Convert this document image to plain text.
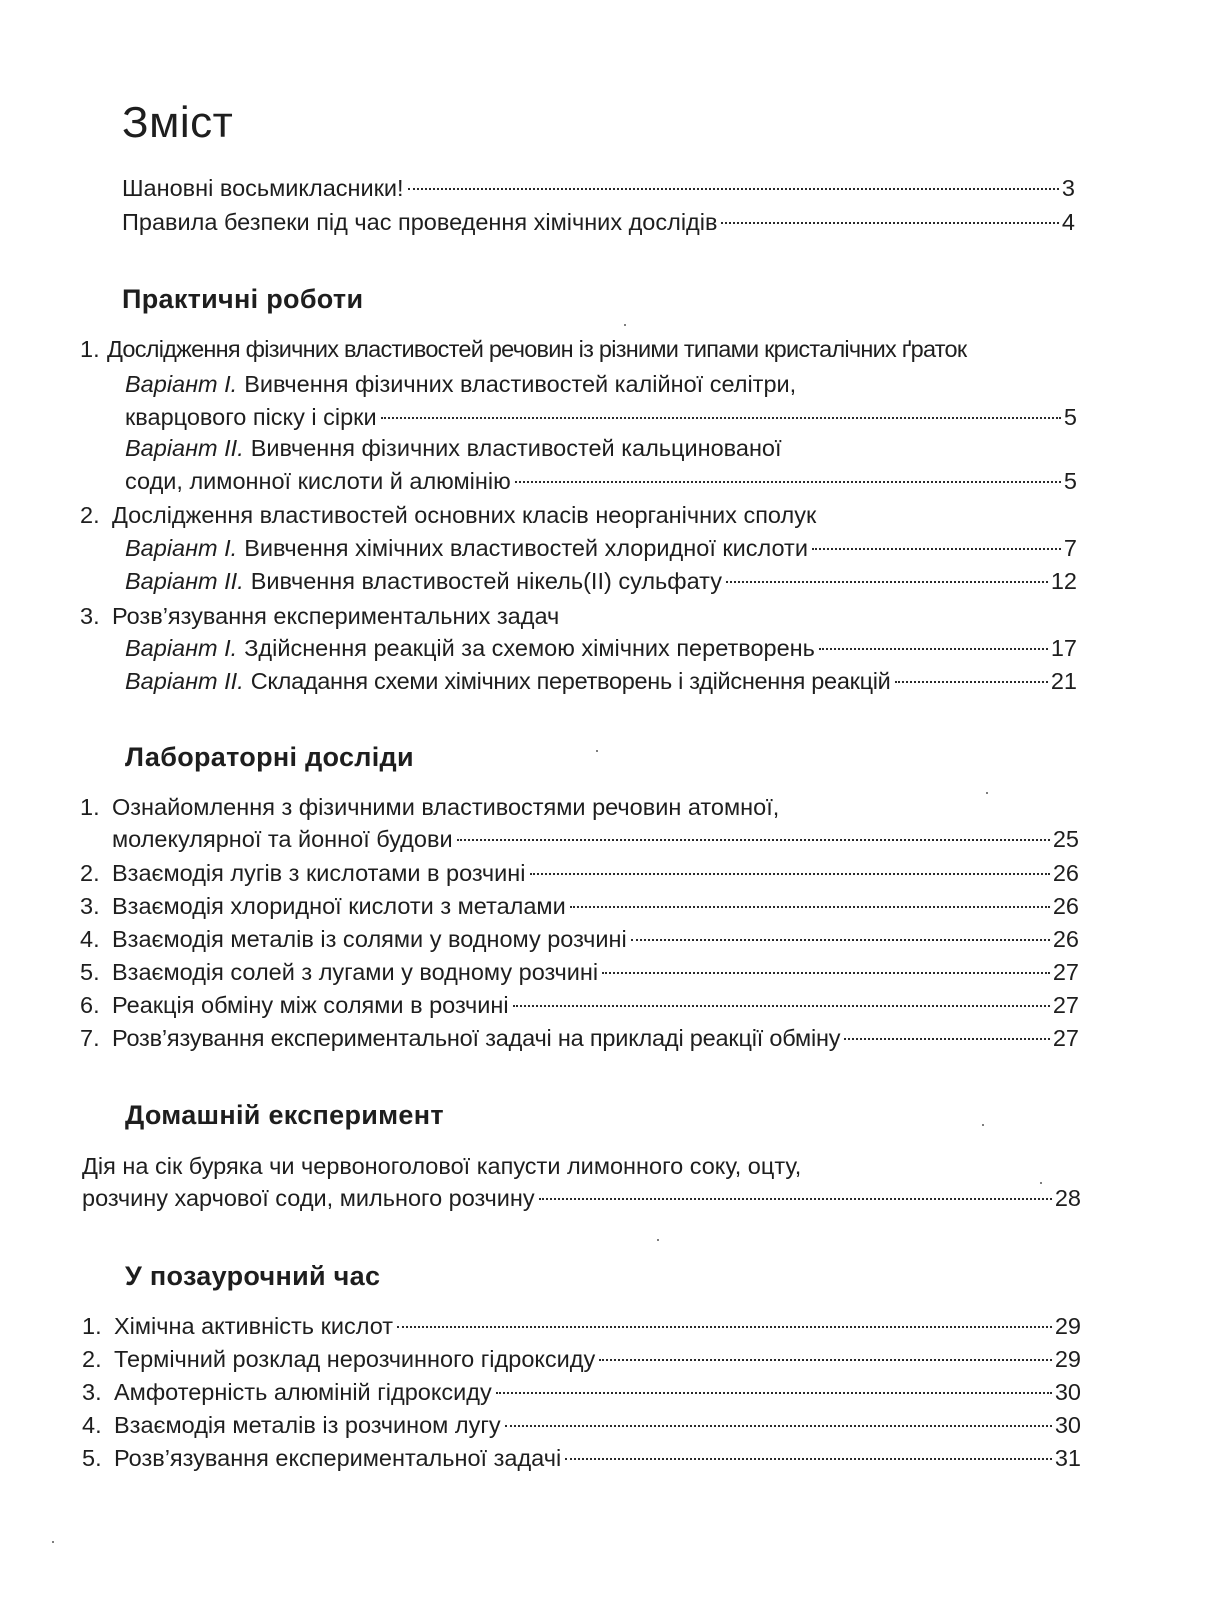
Зміст
Шановні восьмикласники!	3
Правила безпеки під час проведення хімічних дослідів	4
Практичні роботи
1. Дослідження фізичних властивостей речовин із різними типами кристалічних ґраток
Варіант I. Вивчення фізичних властивостей калійної селітри,
кварцового піску і сірки	5
Варіант II. Вивчення фізичних властивостей кальцинованої
соди, лимонної кислоти й алюмінію	5
2. Дослідження властивостей основних класів неорганічних сполук
Варіант I. Вивчення хімічних властивостей хлоридної кислоти	7
Варіант II. Вивчення властивостей нікель(II) сульфату	12
3. Розв’язування експериментальних задач
Варіант I. Здійснення реакцій за схемою хімічних перетворень	17
Варіант II. Складання схеми хімічних перетворень і здійснення реакцій	21
Лабораторні досліди
1. Ознайомлення з фізичними властивостями речовин атомної,
молекулярної та йонної будови	25
2. Взаємодія лугів з кислотами в розчині	26
3. Взаємодія хлоридної кислоти з металами	26
4. Взаємодія металів із солями у водному розчині	26
5. Взаємодія солей з лугами у водному розчині	27
6. Реакція обміну між солями в розчині	27
7. Розв’язування експериментальної задачі на прикладі реакції обміну	27
Домашній експеримент
Дія на сік буряка чи червоноголової капусти лимонного соку, оцту,
розчину харчової соди, мильного розчину	28
У позаурочний час
1. Хімічна активність кислот	29
2. Термічний розклад нерозчинного гідроксиду	29
3. Амфотерність алюміній гідроксиду	30
4. Взаємодія металів із розчином лугу	30
5. Розв’язування експериментальної задачі	31
